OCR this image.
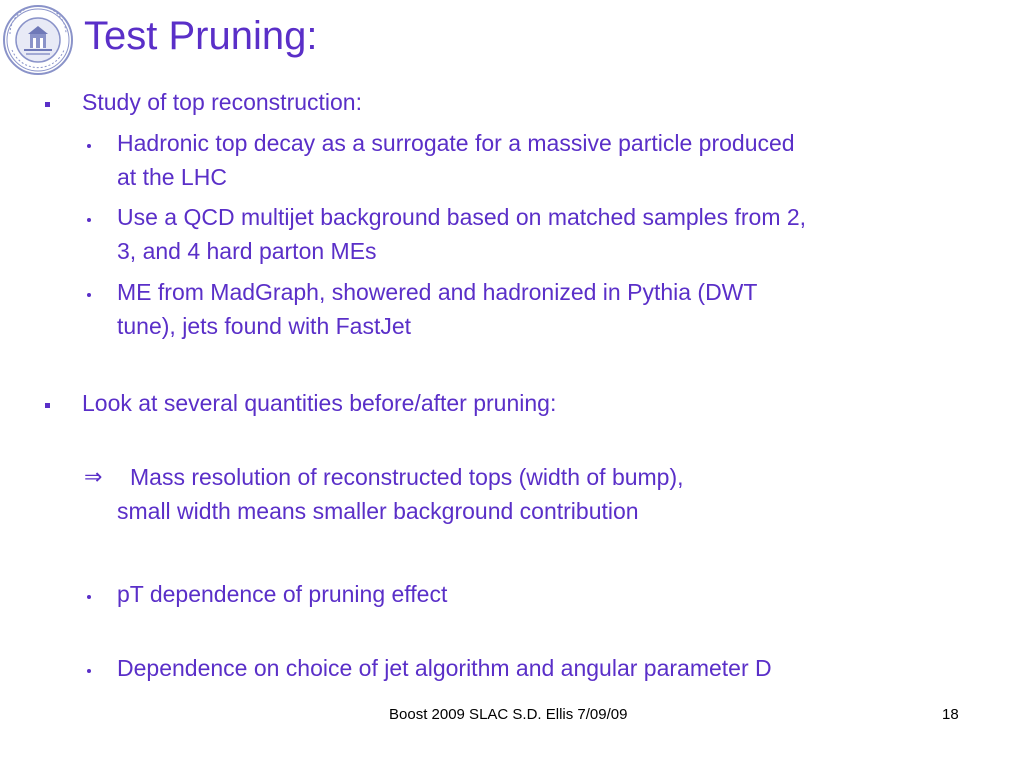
Test Pruning:
Study of top reconstruction:
Hadronic top decay as a surrogate for a massive particle produced
at the LHC
Use a QCD multijet background based on matched samples from 2,
3, and 4 hard parton MEs
ME from MadGraph, showered and hadronized in Pythia (DWT
tune), jets found with FastJet
Look at several quantities before/after pruning:
⇒ Mass resolution of reconstructed tops (width of bump),
small width means smaller background contribution
pT dependence of pruning effect
Dependence on choice of jet algorithm and angular parameter D
Boost 2009 SLAC S.D. Ellis 7/09/09	18
